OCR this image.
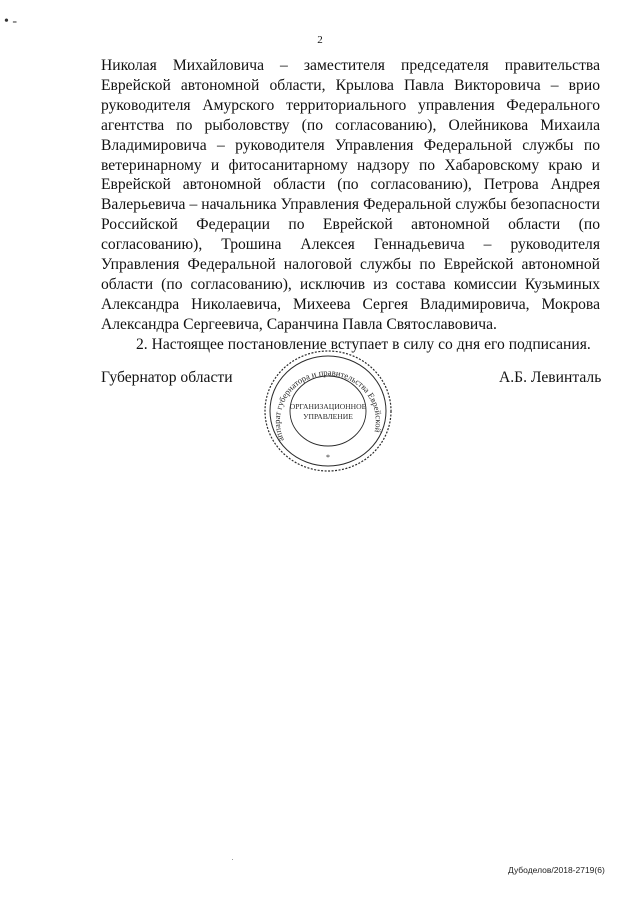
• -
2

Николая Михайловича – заместителя председателя правительства Еврейской автономной области, Крылова Павла Викторовича – врио руководителя Амурского территориального управления Федерального агентства по рыболовству (по согласованию), Олейникова Михаила Владимировича – руководителя Управления Федеральной службы по ветеринарному и фитосанитарному надзору по Хабаровскому краю и Еврейской автономной области (по согласованию), Петрова Андрея Валерьевича – начальника Управления Федеральной службы безопасности Российской Федерации по Еврейской автономной области (по согласованию), Трошина Алексея Геннадьевича – руководителя Управления Федеральной налоговой службы по Еврейской автономной области (по согласованию), исключив из состава комиссии Кузьминых Александра Николаевича, Михеева Сергея Владимировича, Мокрова Александра Сергеевича, Саранчина Павла Святославовича.

2. Настоящее постановление вступает в силу со дня его подписания.

Губернатор области	А.Б. Левинталь
аппарат губернатора и правительства Еврейской
ОРГАНИЗАЦИОННОЕ
УПРАВЛЕНИЕ
*
Дубоделов/2018-2719(6)
